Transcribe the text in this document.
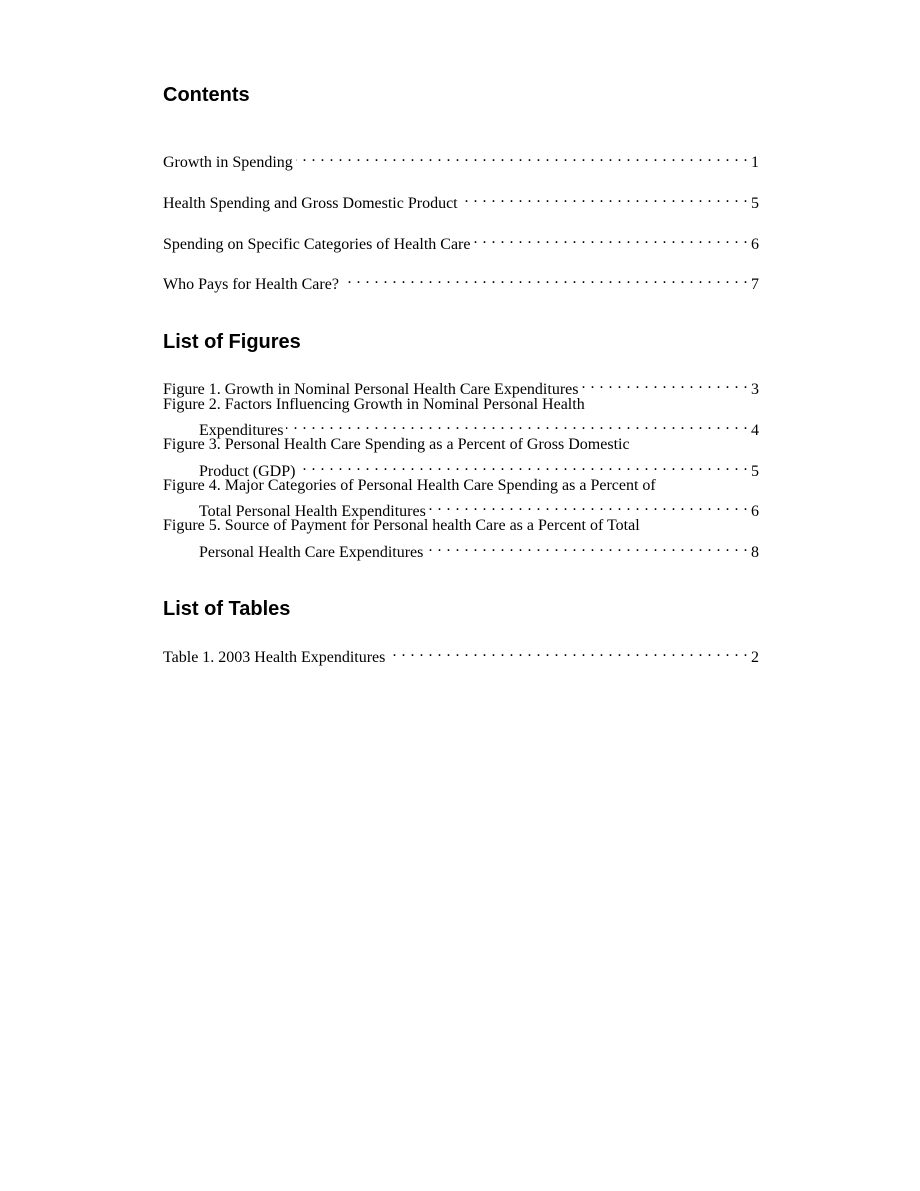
Contents
Growth in Spending . . .	1
Health Spending and Gross Domestic Product . . .	5
Spending on Specific Categories of Health Care . . .	6
Who Pays for Health Care? . . .	7
List of Figures
Figure 1. Growth in Nominal Personal Health Care Expenditures . . .	3
Figure 2. Factors Influencing Growth in Nominal Personal Health
Expenditures . . .	4
Figure 3. Personal Health Care Spending as a Percent of Gross Domestic
Product (GDP) . . .	5
Figure 4. Major Categories of Personal Health Care Spending as a Percent of
Total Personal Health Expenditures . . .	6
Figure 5. Source of Payment for Personal health Care as a Percent of Total
Personal Health Care Expenditures . . .	8
List of Tables
Table 1. 2003 Health Expenditures . . .	2
